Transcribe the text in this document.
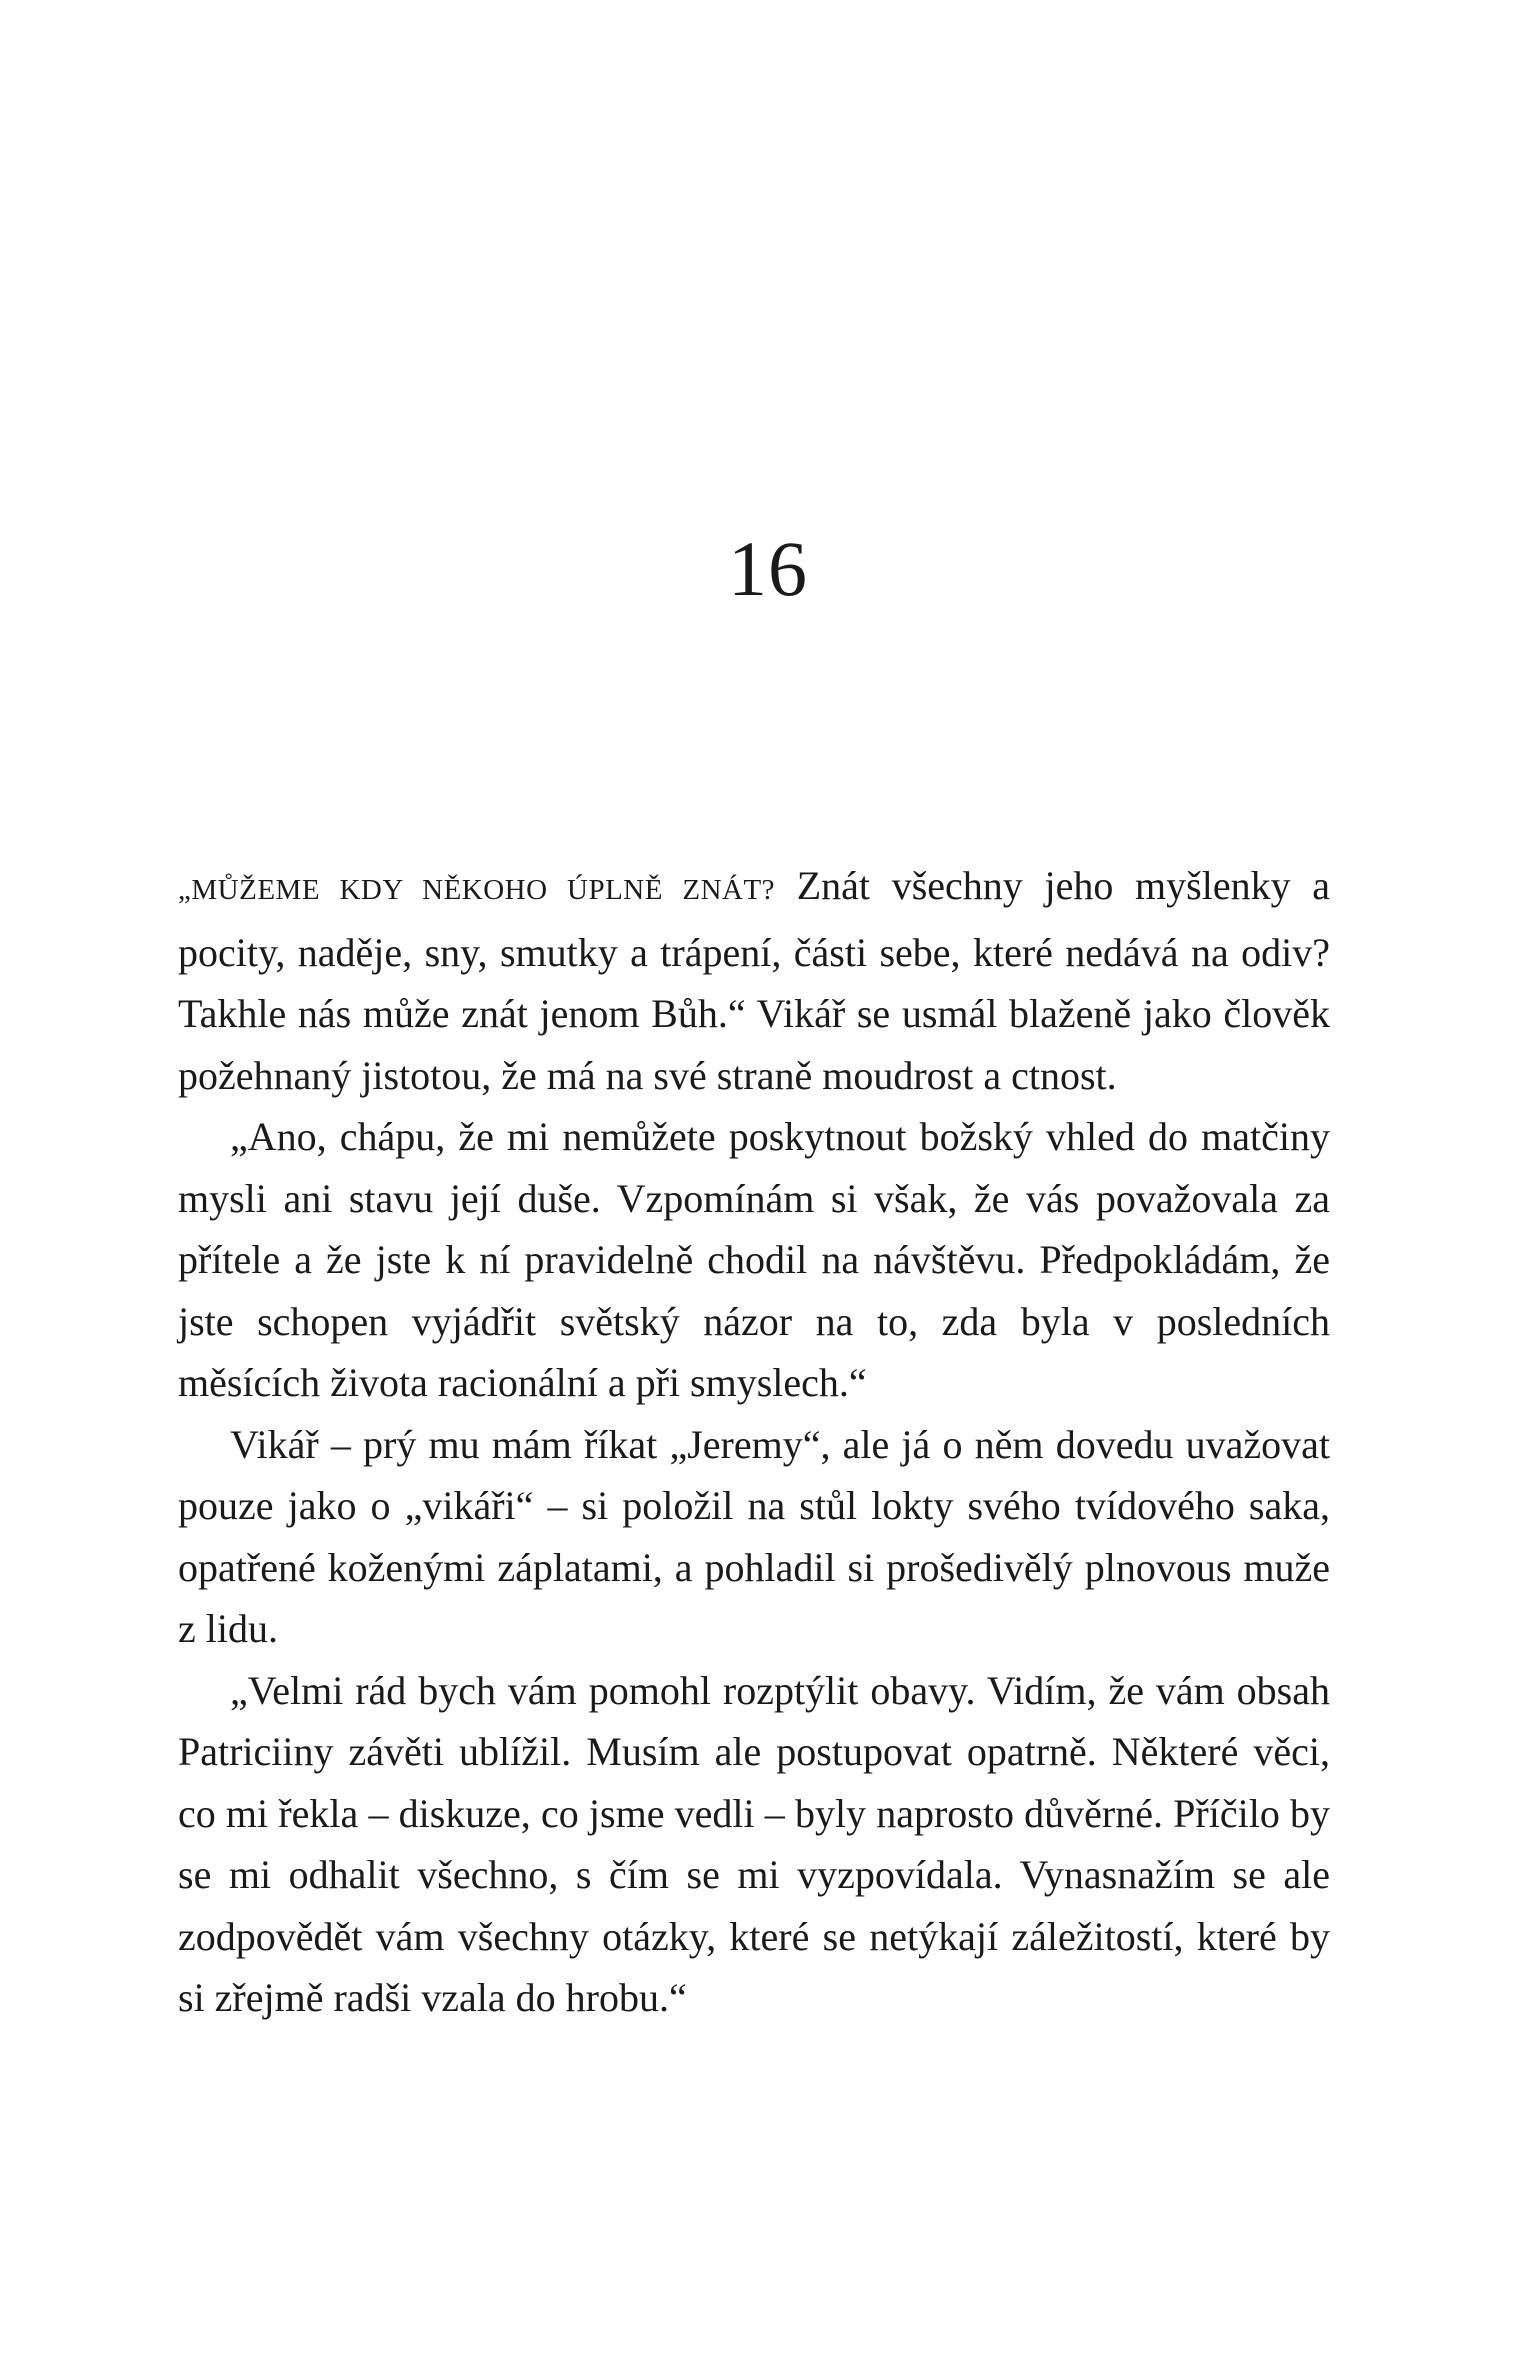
16

„MŮŽEME KDY NĚKOHO ÚPLNĚ ZNÁT? Znát všechny jeho myšlenky a pocity, naděje, sny, smutky a trápení, části sebe, které nedává na odiv? Takhle nás může znát jenom Bůh.“ Vikář se usmál blaženě jako člověk požehnaný jistotou, že má na své straně moudrost a ctnost.

„Ano, chápu, že mi nemůžete poskytnout božský vhled do matčiny mysli ani stavu její duše. Vzpomínám si však, že vás považovala za přítele a že jste k ní pravidelně chodil na návštěvu. Předpokládám, že jste schopen vyjádřit světský názor na to, zda byla v posledních měsících života racionální a při smyslech.“

Vikář – prý mu mám říkat „Jeremy“, ale já o něm dovedu uvažovat pouze jako o „vikáři“ – si položil na stůl lokty svého tvídového saka, opatřené koženými záplatami, a pohladil si prošedivělý plnovous muže z lidu.

„Velmi rád bych vám pomohl rozptýlit obavy. Vidím, že vám obsah Patriciiny závěti ublížil. Musím ale postupovat opatrně. Některé věci, co mi řekla – diskuze, co jsme vedli – byly naprosto důvěrné. Příčilo by se mi odhalit všechno, s čím se mi vyzpovídala. Vynasnažím se ale zodpovědět vám všechny otázky, které se netýkají záležitostí, které by si zřejmě radši vzala do hrobu.“
